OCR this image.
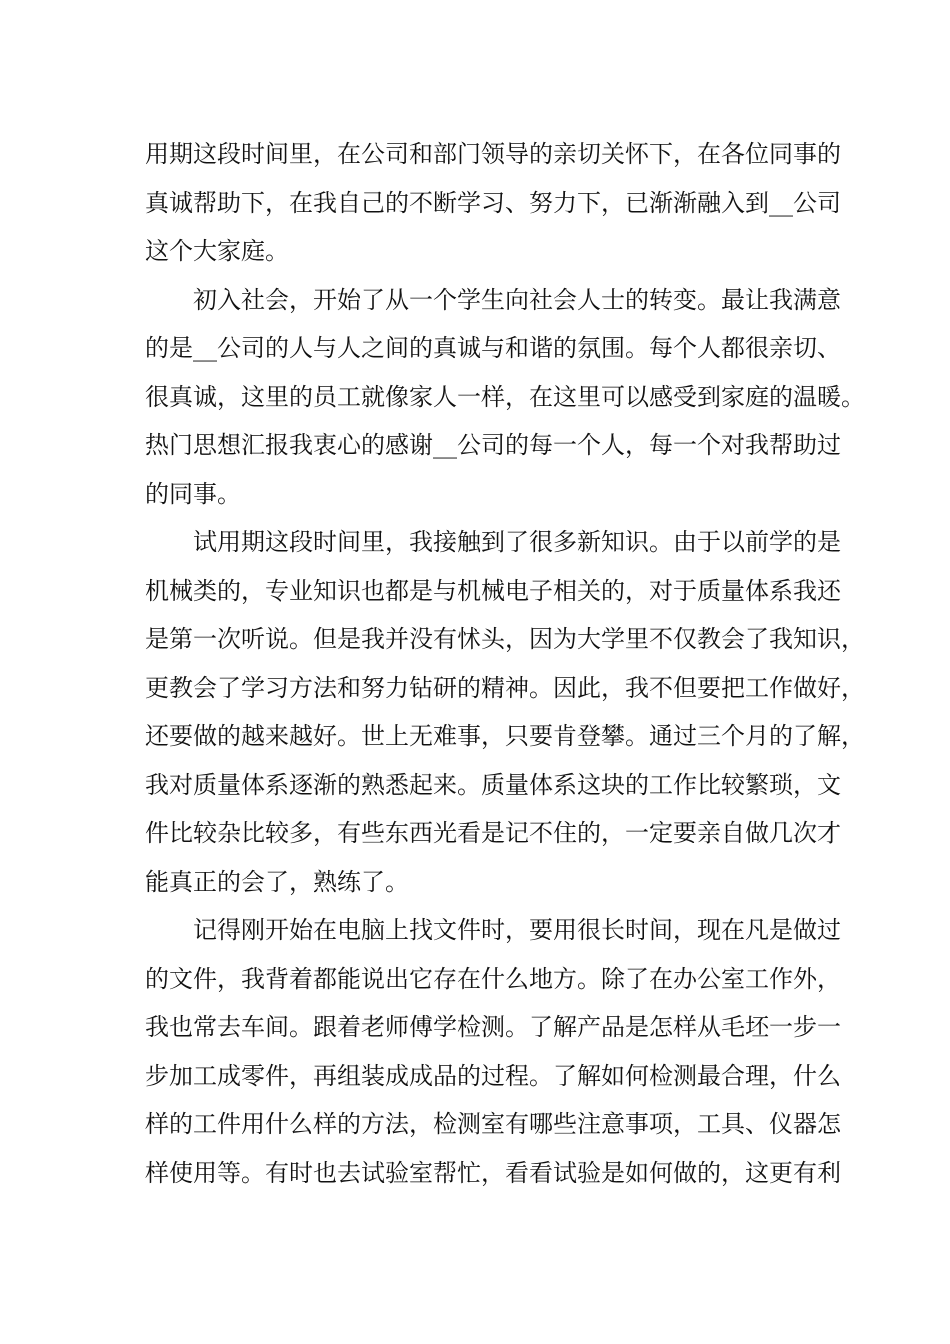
用期这段时间里，在公司和部门领导的亲切关怀下，在各位同事的
真诚帮助下，在我自己的不断学习、努力下，已渐渐融入到__公司
这个大家庭。
初入社会，开始了从一个学生向社会人士的转变。最让我满意
的是__公司的人与人之间的真诚与和谐的氛围。每个人都很亲切、
很真诚，这里的员工就像家人一样，在这里可以感受到家庭的温暖。
热门思想汇报我衷心的感谢__公司的每一个人，每一个对我帮助过
的同事。
试用期这段时间里，我接触到了很多新知识。由于以前学的是
机械类的，专业知识也都是与机械电子相关的，对于质量体系我还
是第一次听说。但是我并没有怵头，因为大学里不仅教会了我知识，
更教会了学习方法和努力钻研的精神。因此，我不但要把工作做好，
还要做的越来越好。世上无难事，只要肯登攀。通过三个月的了解，
我对质量体系逐渐的熟悉起来。质量体系这块的工作比较繁琐，文
件比较杂比较多，有些东西光看是记不住的，一定要亲自做几次才
能真正的会了，熟练了。
记得刚开始在电脑上找文件时，要用很长时间，现在凡是做过
的文件，我背着都能说出它存在什么地方。除了在办公室工作外，
我也常去车间。跟着老师傅学检测。了解产品是怎样从毛坯一步一
步加工成零件，再组装成成品的过程。了解如何检测最合理，什么
样的工件用什么样的方法，检测室有哪些注意事项，工具、仪器怎
样使用等。有时也去试验室帮忙，看看试验是如何做的，这更有利
